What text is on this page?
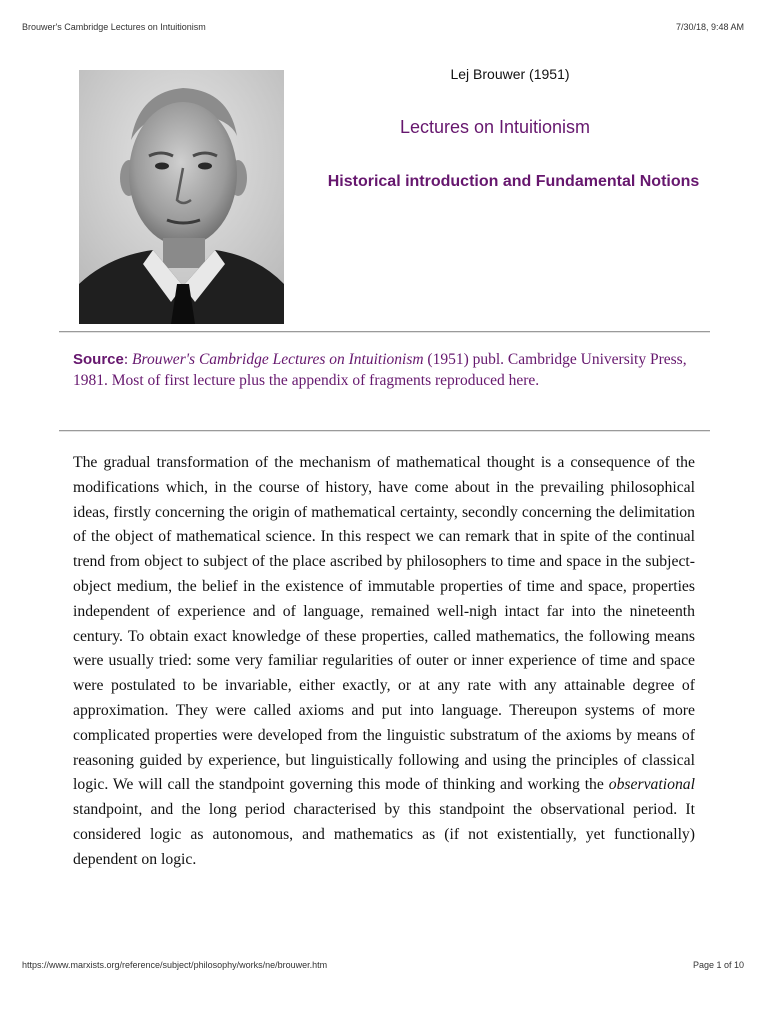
Brouwer's Cambridge Lectures on Intuitionism	7/30/18, 9:48 AM
Lej Brouwer (1951)
Lectures on Intuitionism
Historical introduction and Fundamental Notions
Source: Brouwer's Cambridge Lectures on Intuitionism (1951) publ. Cambridge University Press, 1981. Most of first lecture plus the appendix of fragments reproduced here.
The gradual transformation of the mechanism of mathematical thought is a consequence of the modifications which, in the course of history, have come about in the prevailing philosophical ideas, firstly concerning the origin of mathematical certainty, secondly concerning the delimitation of the object of mathematical science. In this respect we can remark that in spite of the continual trend from object to subject of the place ascribed by philosophers to time and space in the subject-object medium, the belief in the existence of immutable properties of time and space, properties independent of experience and of language, remained well-nigh intact far into the nineteenth century. To obtain exact knowledge of these properties, called mathematics, the following means were usually tried: some very familiar regularities of outer or inner experience of time and space were postulated to be invariable, either exactly, or at any rate with any attainable degree of approximation. They were called axioms and put into language. Thereupon systems of more complicated properties were developed from the linguistic substratum of the axioms by means of reasoning guided by experience, but linguistically following and using the principles of classical logic. We will call the standpoint governing this mode of thinking and working the observational standpoint, and the long period characterised by this standpoint the observational period. It considered logic as autonomous, and mathematics as (if not existentially, yet functionally) dependent on logic.
https://www.marxists.org/reference/subject/philosophy/works/ne/brouwer.htm	Page 1 of 10
